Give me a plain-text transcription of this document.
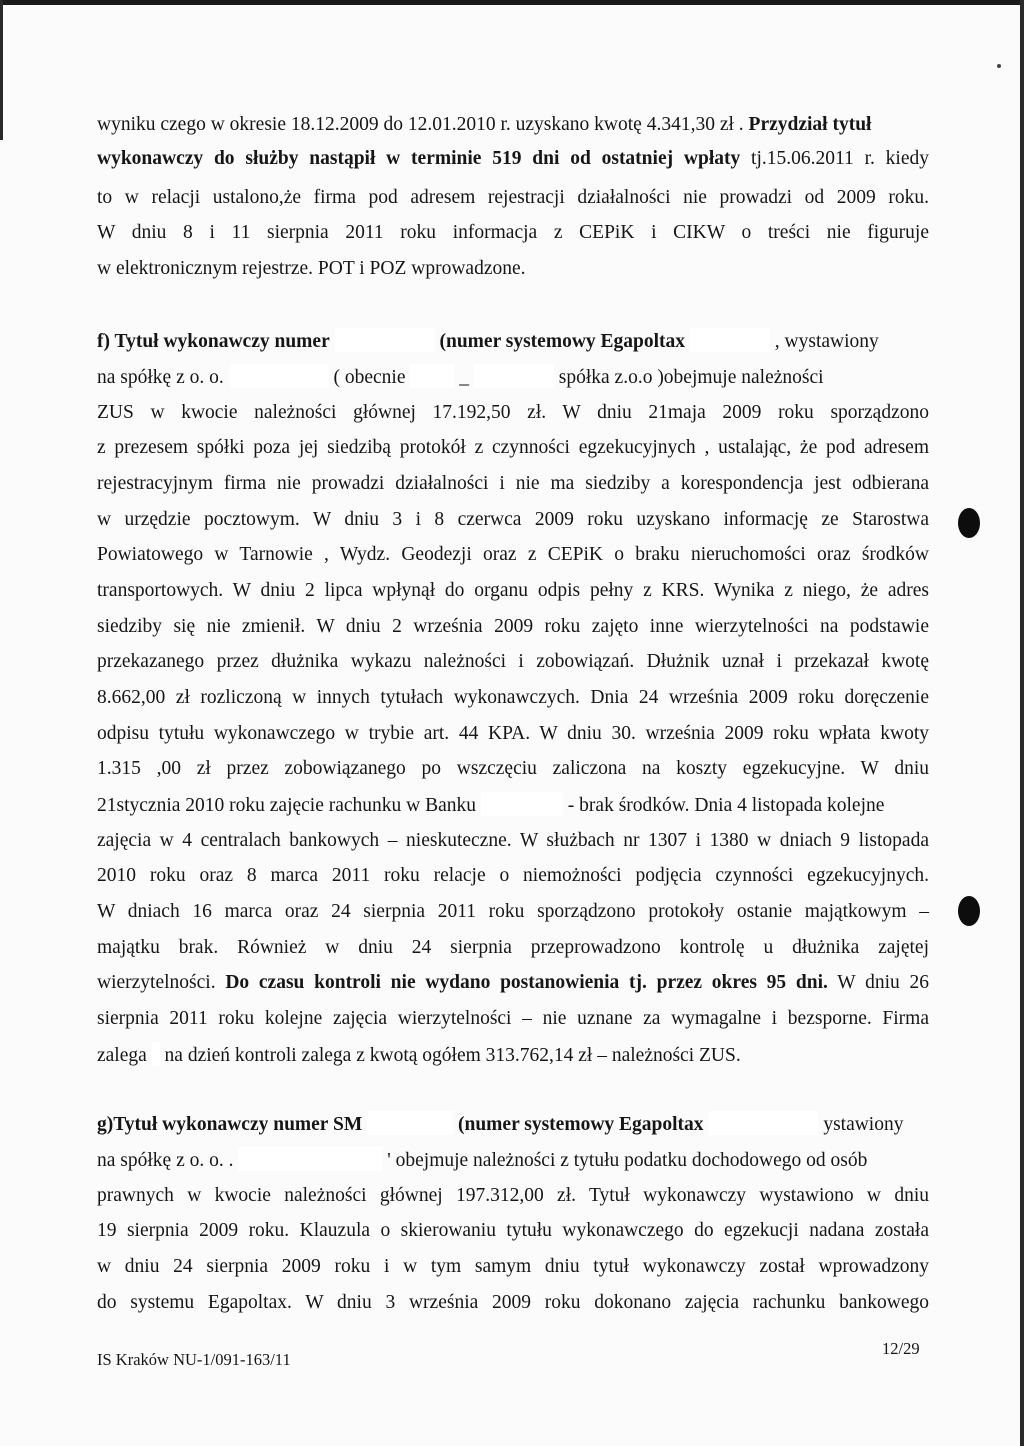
wyniku czego w okresie 18.12.2009 do 12.01.2010 r. uzyskano kwotę 4.341,30 zł . Przydział tytuł
wykonawczy do służby nastąpił w terminie 519 dni od ostatniej wpłaty tj.15.06.2011 r. kiedy
to w relacji ustalono,że firma pod adresem rejestracji działalności nie prowadzi od 2009 roku.
W dniu 8 i 11 sierpnia 2011 roku informacja z CEPiK i CIKW o treści nie figuruje
w elektronicznym rejestrze. POT i POZ wprowadzone.
f) Tytuł wykonawczy numer	(numer systemowy Egapoltax	, wystawiony
na spółkę z o. o.	( obecnie	_	spółka z.o.o )obejmuje należności
ZUS w kwocie należności głównej 17.192,50 zł. W dniu 21maja 2009 roku sporządzono
z prezesem spółki poza jej siedzibą protokół z czynności egzekucyjnych , ustalając, że pod adresem
rejestracyjnym firma nie prowadzi działalności i nie ma siedziby a korespondencja jest odbierana
w urzędzie pocztowym. W dniu 3 i 8 czerwca 2009 roku uzyskano informację ze Starostwa
Powiatowego w Tarnowie , Wydz. Geodezji oraz z CEPiK o braku nieruchomości oraz środków
transportowych. W dniu 2 lipca wpłynął do organu odpis pełny z KRS. Wynika z niego, że adres
siedziby się nie zmienił. W dniu 2 września 2009 roku zajęto inne wierzytelności na podstawie
przekazanego przez dłużnika wykazu należności i zobowiązań. Dłużnik uznał i przekazał kwotę
8.662,00 zł rozliczoną w innych tytułach wykonawczych. Dnia 24 września 2009 roku doręczenie
odpisu tytułu wykonawczego w trybie art. 44 KPA. W dniu 30. września 2009 roku wpłata kwoty
1.315 ,00 zł przez zobowiązanego po wszczęciu zaliczona na koszty egzekucyjne. W dniu
21stycznia 2010 roku zajęcie rachunku w Banku	- brak środków. Dnia 4 listopada kolejne
zajęcia w 4 centralach bankowych – nieskuteczne. W służbach nr 1307 i 1380 w dniach 9 listopada
2010 roku oraz 8 marca 2011 roku relacje o niemożności podjęcia czynności egzekucyjnych.
W dniach 16 marca oraz 24 sierpnia 2011 roku sporządzono protokoły ostanie majątkowym –
majątku brak. Również w dniu 24 sierpnia przeprowadzono kontrolę u dłużnika zajętej
wierzytelności. Do czasu kontroli nie wydano postanowienia tj. przez okres 95 dni. W dniu 26
sierpnia 2011 roku kolejne zajęcia wierzytelności – nie uznane za wymagalne i bezsporne. Firma
zalega na dzień kontroli zalega z kwotą ogółem 313.762,14 zł – należności ZUS.
g)Tytuł wykonawczy numer SM	(numer systemowy Egapoltax	ystawiony
na spółkę z o. o. .	' obejmuje należności z tytułu podatku dochodowego od osób
prawnych w kwocie należności głównej 197.312,00 zł. Tytuł wykonawczy wystawiono w dniu
19 sierpnia 2009 roku. Klauzula o skierowaniu tytułu wykonawczego do egzekucji nadana została
w dniu 24 sierpnia 2009 roku i w tym samym dniu tytuł wykonawczy został wprowadzony
do systemu Egapoltax. W dniu 3 września 2009 roku dokonano zajęcia rachunku bankowego
IS Kraków NU-1/091-163/11
12/29
